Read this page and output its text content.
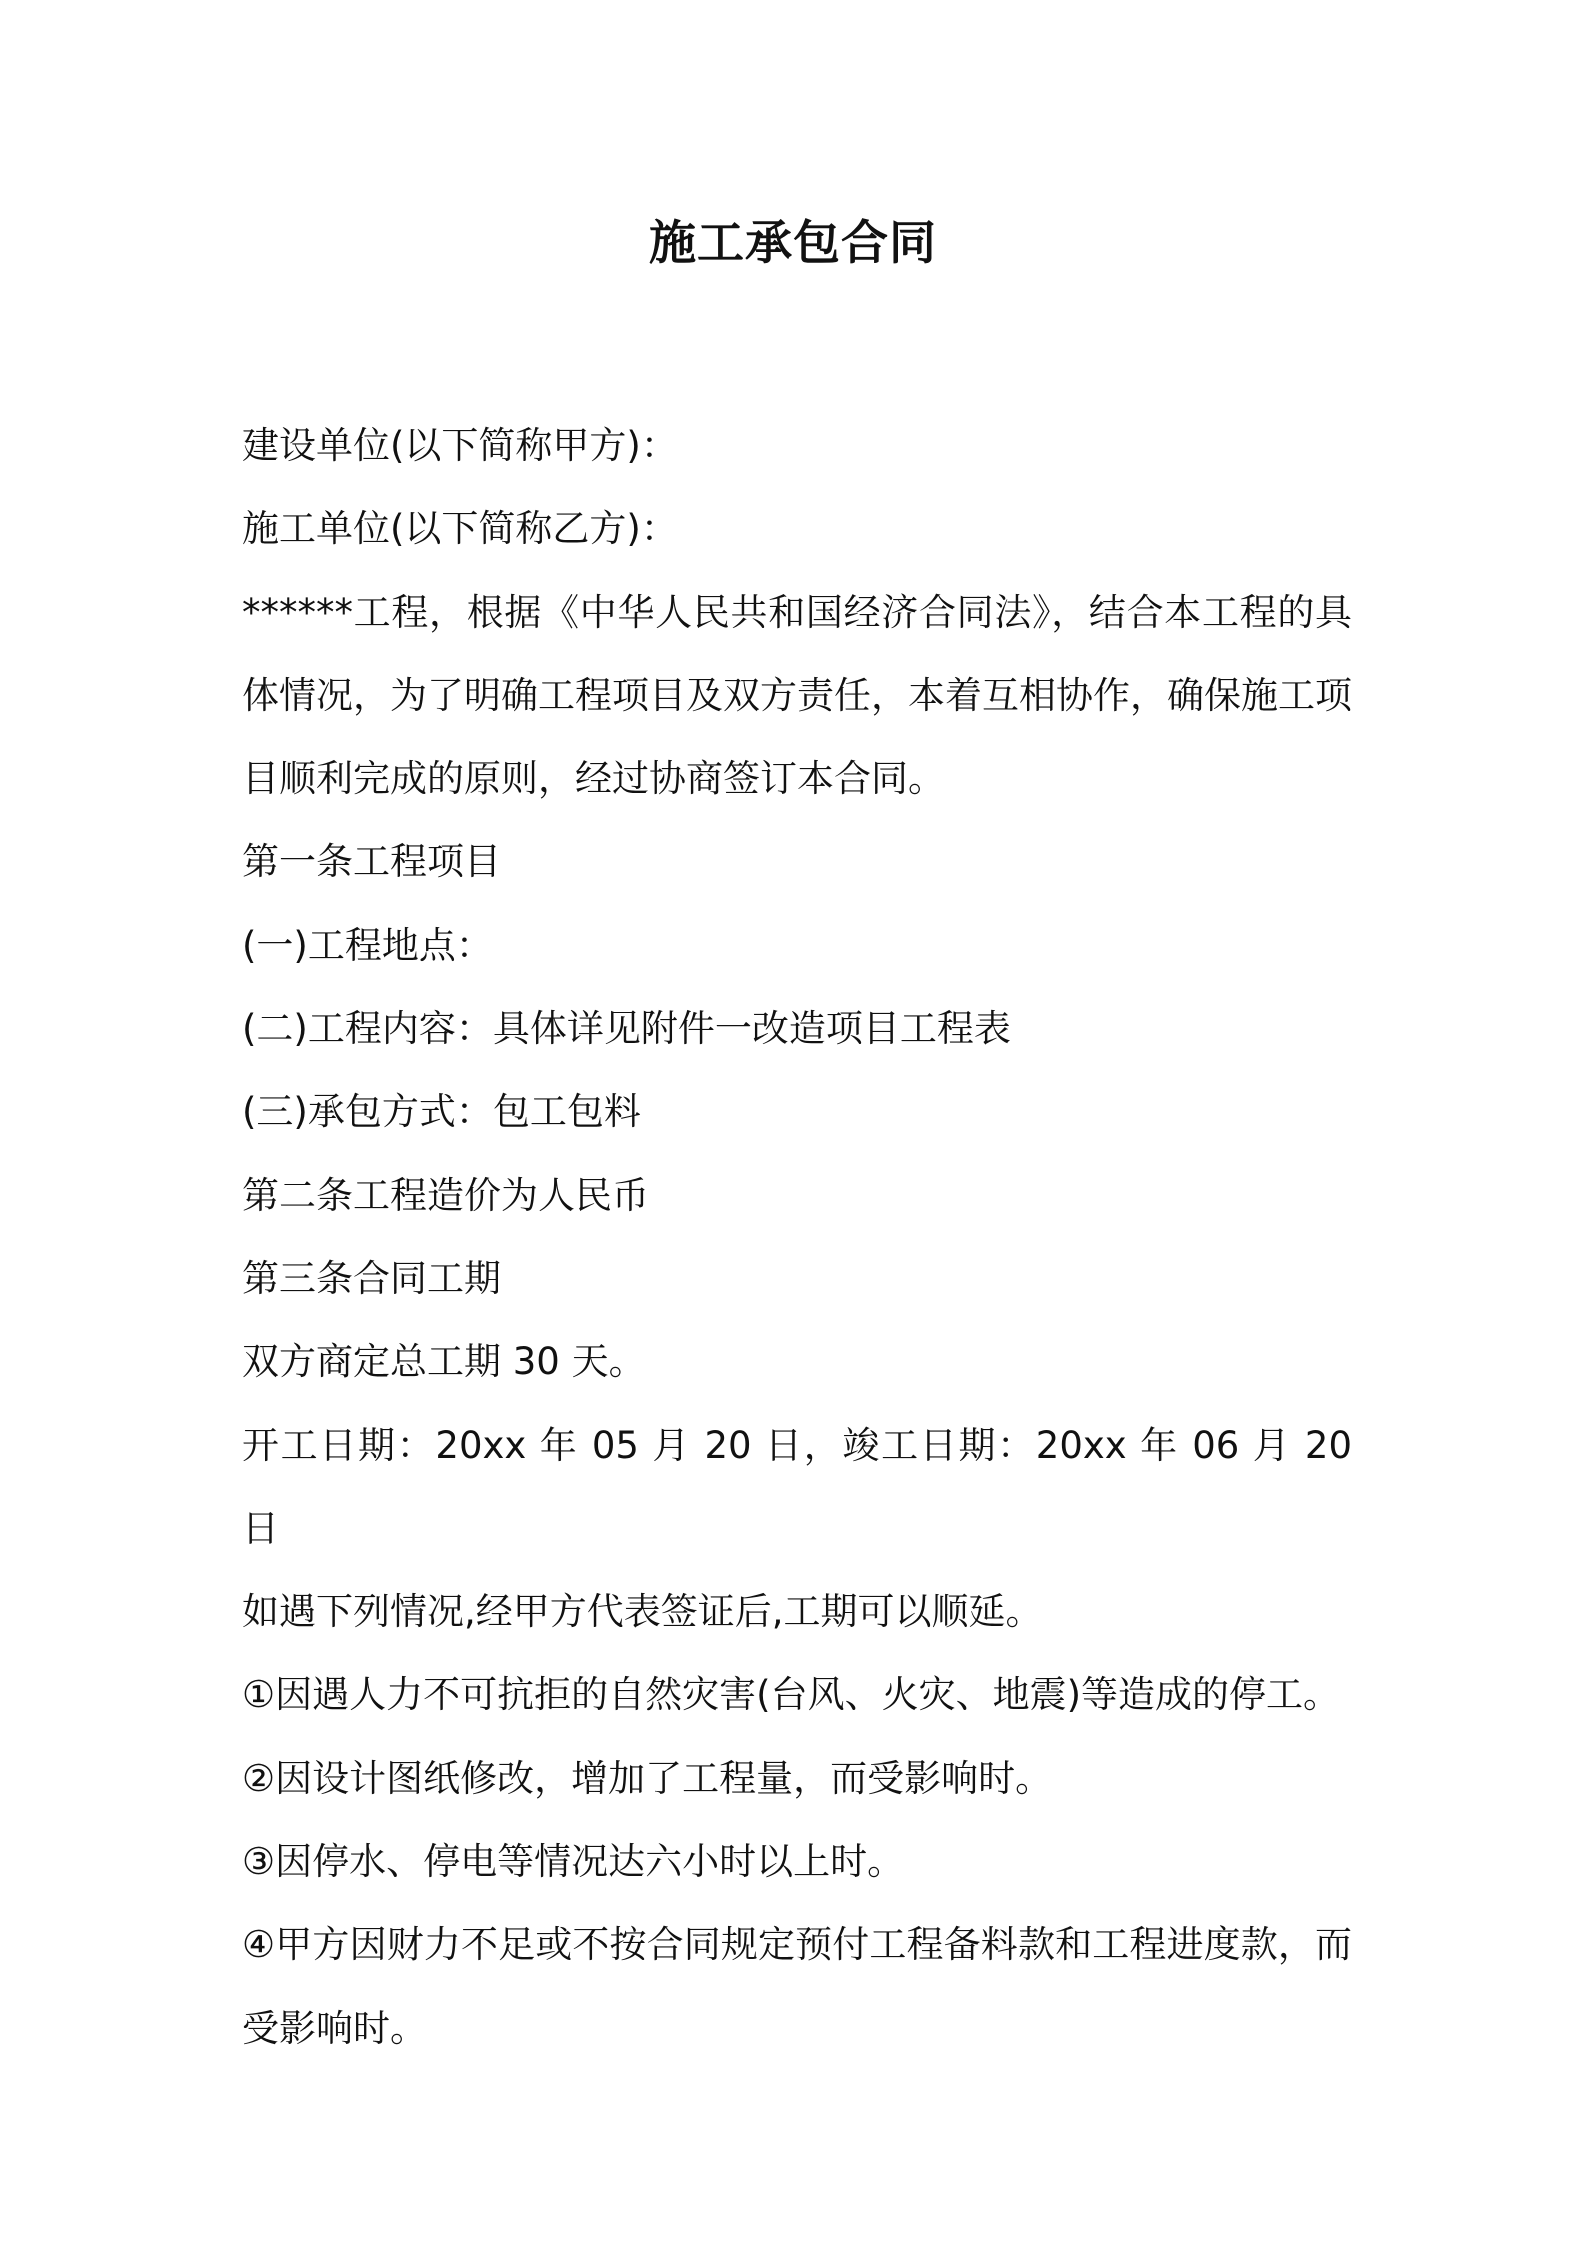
施工承包合同

建设单位(以下简称甲方)：

施工单位(以下简称乙方)：

******工程，根据《中华人民共和国经济合同法》，结合本工程的具体情况，为了明确工程项目及双方责任，本着互相协作，确保施工项目顺利完成的原则，经过协商签订本合同。

第一条工程项目

(一)工程地点：

(二)工程内容：具体详见附件一改造项目工程表

(三)承包方式：包工包料

第二条工程造价为人民币

第三条合同工期

双方商定总工期 30 天。

开工日期：20xx 年 05 月 20 日，竣工日期：20xx 年 06 月 20 日

如遇下列情况,经甲方代表签证后,工期可以顺延。

①因遇人力不可抗拒的自然灾害(台风、火灾、地震)等造成的停工。

②因设计图纸修改，增加了工程量，而受影响时。

③因停水、停电等情况达六小时以上时。

④甲方因财力不足或不按合同规定预付工程备料款和工程进度款，而受影响时。
